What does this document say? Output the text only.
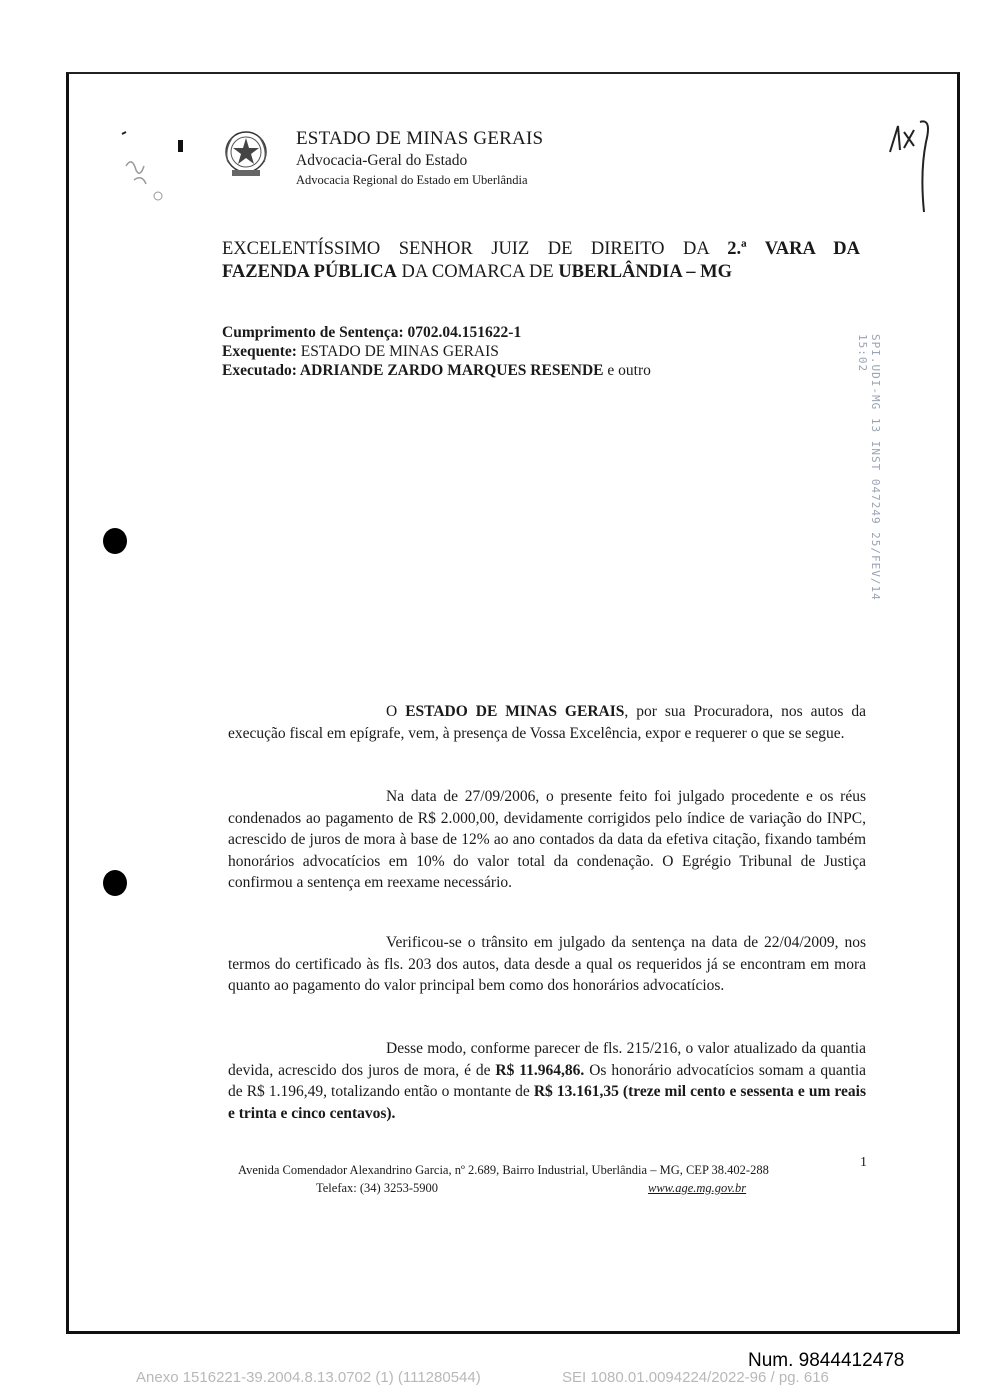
ESTADO DE MINAS GERAIS
Advocacia-Geral do Estado
Advocacia Regional do Estado em Uberlândia
EXCELENTÍSSIMO SENHOR JUIZ DE DIREITO DA 2.ª VARA DA
FAZENDA PÚBLICA DA COMARCA DE UBERLÂNDIA – MG
Cumprimento de Sentença: 0702.04.151622-1
Exequente: ESTADO DE MINAS GERAIS
Executado: ADRIANDE ZARDO MARQUES RESENDE e outro	SPI.UDI-MG 13 INST 047249 25/FEV/14 15:02
O ESTADO DE MINAS GERAIS, por sua Procuradora, nos autos da execução fiscal em epígrafe, vem, à presença de Vossa Excelência, expor e requerer o que se segue.
Na data de 27/09/2006, o presente feito foi julgado procedente e os réus condenados ao pagamento de R$ 2.000,00, devidamente corrigidos pelo índice de variação do INPC, acrescido de juros de mora à base de 12% ao ano contados da data da efetiva citação, fixando também honorários advocatícios em 10% do valor total da condenação. O Egrégio Tribunal de Justiça confirmou a sentença em reexame necessário.
Verificou-se o trânsito em julgado da sentença na data de 22/04/2009, nos termos do certificado às fls. 203 dos autos, data desde a qual os requeridos já se encontram em mora quanto ao pagamento do valor principal bem como dos honorários advocatícios.
Desse modo, conforme parecer de fls. 215/216, o valor atualizado da quantia devida, acrescido dos juros de mora, é de R$ 11.964,86. Os honorário advocatícios somam a quantia de R$ 1.196,49, totalizando então o montante de R$ 13.161,35 (treze mil cento e sessenta e um reais e trinta e cinco centavos).
Avenida Comendador Alexandrino Garcia, nº 2.689, Bairro Industrial, Uberlândia – MG, CEP 38.402-288
Telefax: (34) 3253-5900	www.age.mg.gov.br
1
Num. 9844412478
Anexo 1516221-39.2004.8.13.0702 (1) (111280544)	SEI 1080.01.0094224/2022-96 / pg. 616
